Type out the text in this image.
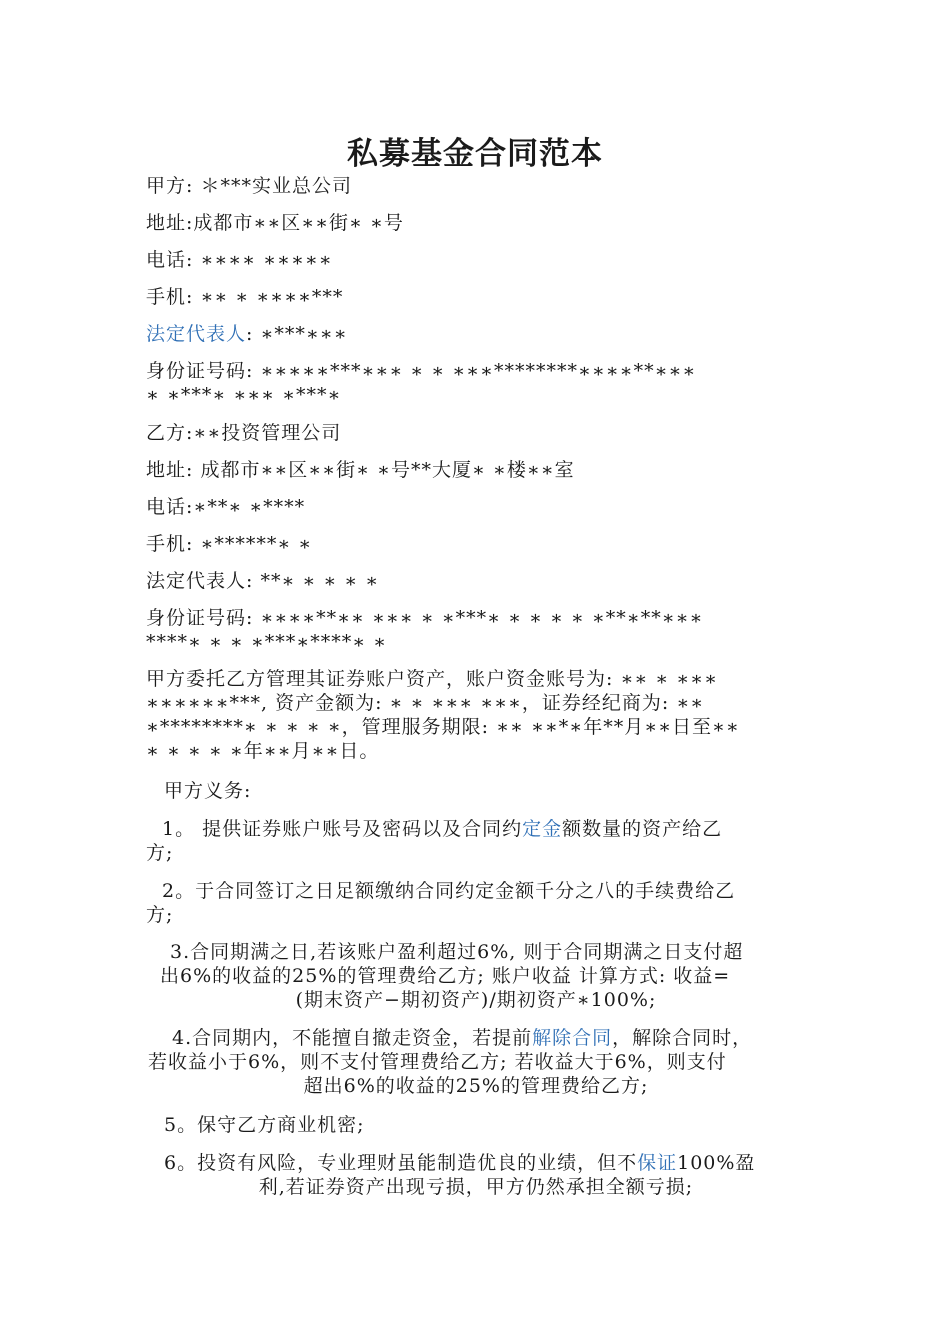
私募基金合同范本
甲方: ＊***实业总公司
地址:成都市∗∗区∗∗街∗ ∗号
电话: ∗∗∗∗ ∗∗∗∗∗
手机: ∗∗ ∗ ∗∗∗∗***
法定代表人: ∗***∗∗∗
身份证号码: ∗∗∗∗∗***∗∗∗ ∗ ∗ ∗∗∗********∗∗∗∗**∗∗∗
∗ ∗***∗ ∗∗∗ ∗***∗
乙方:∗∗投资管理公司
地址: 成都市∗∗区∗∗街∗ ∗号**大厦∗ ∗楼∗∗室
电话:∗**∗ ∗****
手机: ∗******∗ ∗
法定代表人: **∗ ∗ ∗ ∗ ∗
身份证号码: ∗∗∗∗**∗∗ ∗∗∗ ∗ ∗***∗ ∗ ∗ ∗ ∗ ∗**∗**∗∗∗
****∗ ∗ ∗ ∗***∗****∗ ∗
甲方委托乙方管理其证券账户资产，账户资金账号为: ∗∗ ∗ ∗∗∗
∗∗∗∗∗∗***, 资产金额为: ∗ ∗ ∗∗∗ ∗∗∗，证券经纪商为: ∗∗
∗********∗ ∗ ∗ ∗ ∗，管理服务期限: ∗∗ ∗∗*∗年**月∗∗日至∗∗
∗ ∗ ∗ ∗ ∗年∗∗月∗∗日。
甲方义务:
1。 提供证券账户账号及密码以及合同约定金额数量的资产给乙
方;
2。于合同签订之日足额缴纳合同约定金额千分之八的手续费给乙
方;
3.合同期满之日,若该账户盈利超过6%, 则于合同期满之日支付超
出6%的收益的25%的管理费给乙方; 账户收益 计算方式: 收益=
(期末资产−期初资产)/期初资产∗100%;
4.合同期内，不能擅自撤走资金，若提前解除合同，解除合同时，
若收益小于6%，则不支付管理费给乙方; 若收益大于6%，则支付
超出6%的收益的25%的管理费给乙方;
5。保守乙方商业机密;
6。投资有风险，专业理财虽能制造优良的业绩，但不保证100%盈
利,若证券资产出现亏损，甲方仍然承担全额亏损;
